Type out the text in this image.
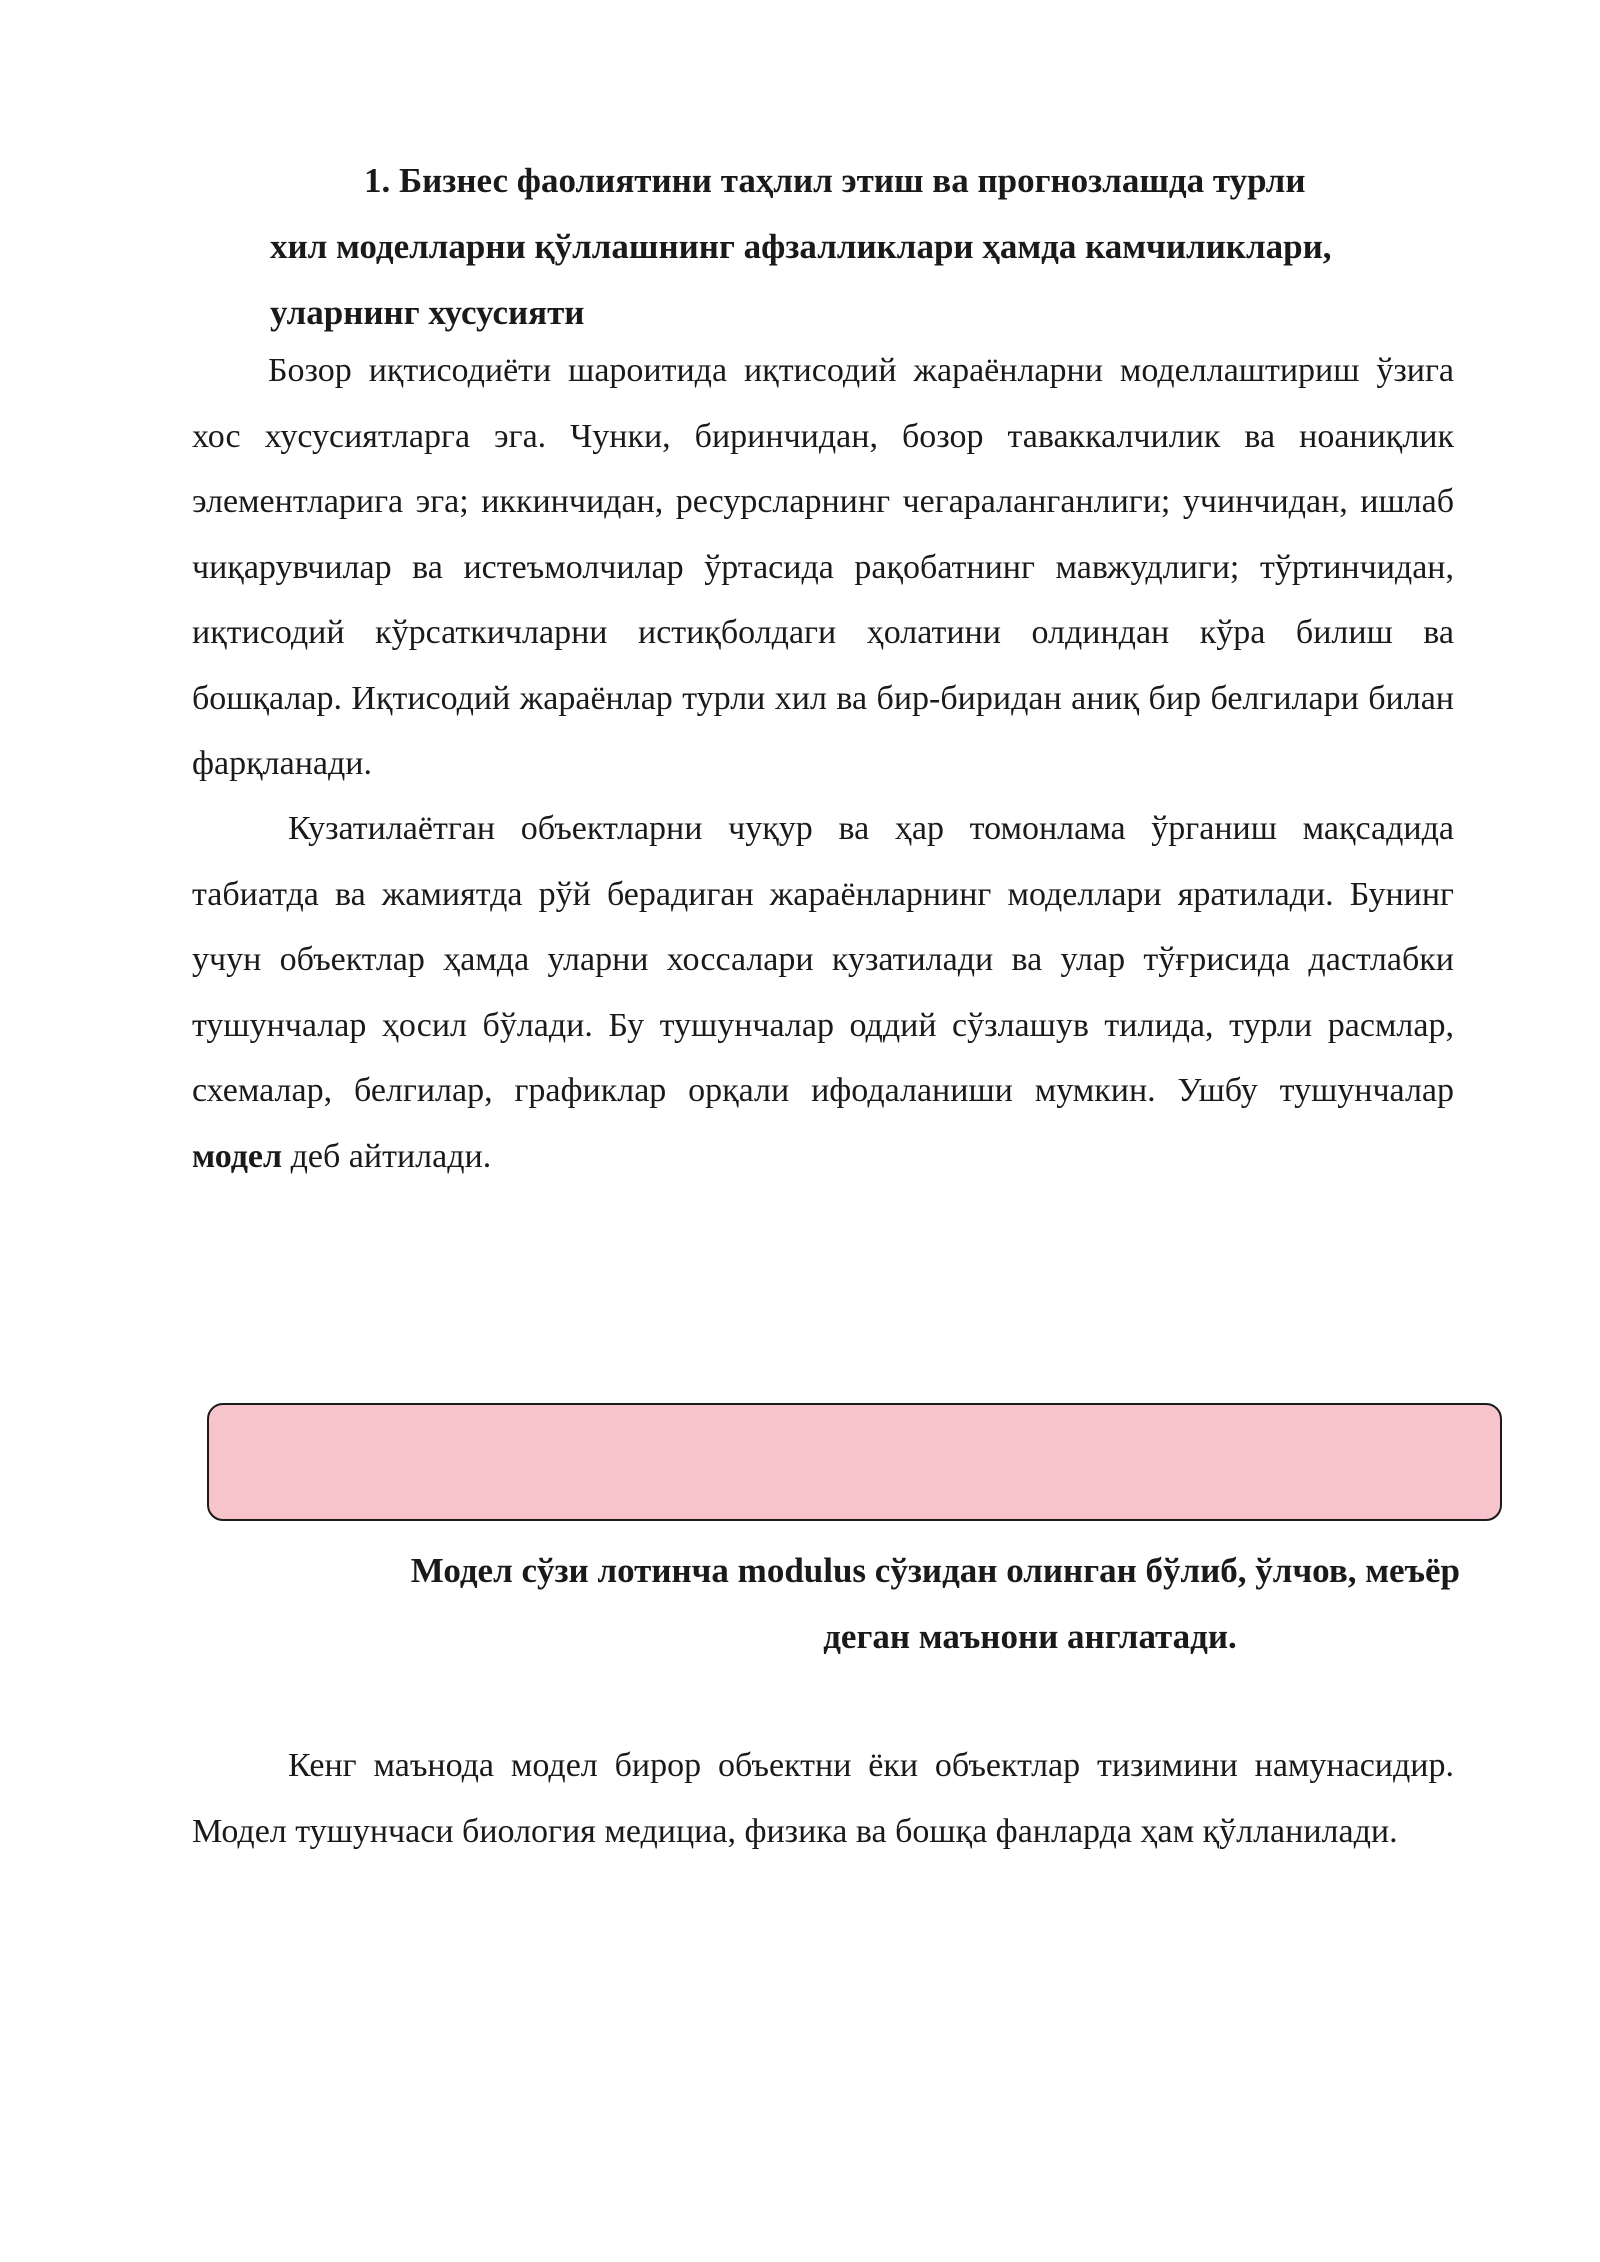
1. Бизнес фаолиятини таҳлил этиш ва прогнозлашда турли
хил моделларни қўллашнинг афзалликлари ҳамда камчиликлари,
уларнинг хусусияти

Бозор иқтисодиёти шароитида иқтисодий жараёнларни моделлаштириш ўзига хос хусусиятларга эга. Чунки, биринчидан, бозор таваккалчилик ва ноаниқлик элементларига эга; иккинчидан, ресурсларнинг чегараланганлиги; учинчидан, ишлаб чиқарувчилар ва истеъмолчилар ўртасида рақобатнинг мавжудлиги; тўртинчидан, иқтисодий кўрсаткичларни истиқболдаги ҳолатини олдиндан кўра билиш ва бошқалар. Иқтисодий жараёнлар турли хил ва бир-биридан аниқ бир белгилари билан фарқланади.

Кузатилаётган объектларни чуқур ва ҳар томонлама ўрганиш мақсадида табиатда ва жамиятда рўй берадиган жараёнларнинг моделлари яратилади. Бунинг учун объектлар ҳамда уларни хоссалари кузатилади ва улар тўғрисида дастлабки тушунчалар ҳосил бўлади. Бу тушунчалар оддий сўзлашув тилида, турли расмлар, схемалар, белгилар, графиклар орқали ифодаланиши мумкин. Ушбу тушунчалар модел деб айтилади.

Модел сўзи лотинча modulus сўзидан олинган бўлиб, ўлчов, меъёр
деган маънони англатади.

Кенг маънода модел бирор объектни ёки объектлар тизимини намунасидир. Модел тушунчаси биология медициа, физика ва бошқа фанларда ҳам қўлланилади.
